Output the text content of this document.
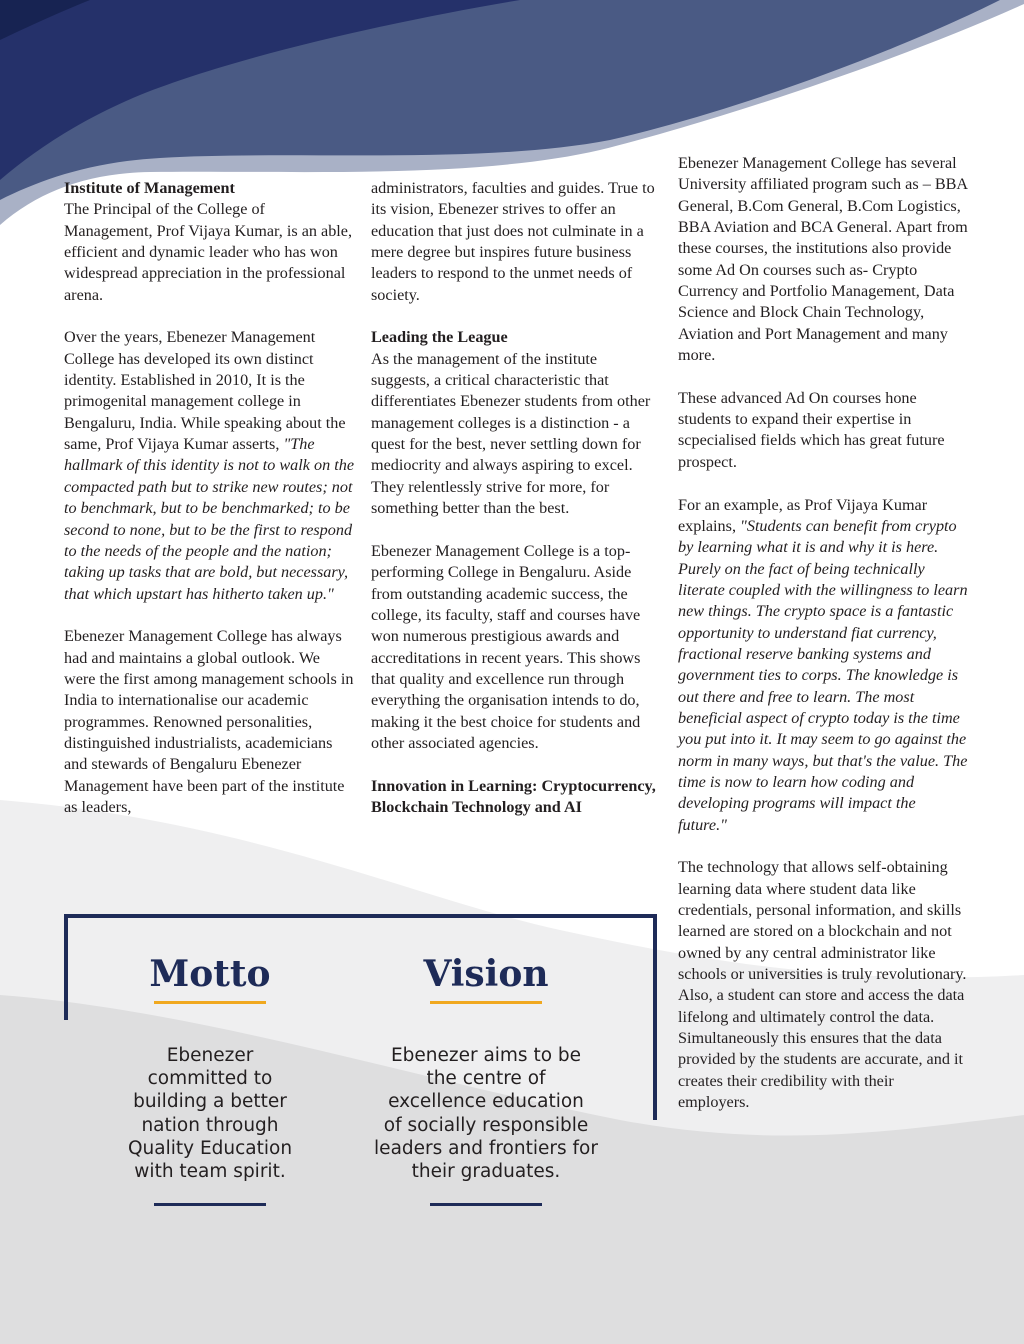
Institute of Management
The Principal of the College of Management, Prof Vijaya Kumar, is an able, efficient and dynamic leader who has won widespread appreciation in the professional arena.

Over the years, Ebenezer Management College has developed its own distinct identity. Established in 2010, It is the primogenital management college in Bengaluru, India. While speaking about the same, Prof Vijaya Kumar asserts, "The hallmark of this identity is not to walk on the compacted path but to strike new routes; not to benchmark, but to be benchmarked; to be second to none, but to be the first to respond to the needs of the people and the nation; taking up tasks that are bold, but necessary, that which upstart has hitherto taken up."

Ebenezer Management College has always had and maintains a global outlook. We were the first among management schools in India to internationalise our academic programmes. Renowned personalities, distinguished industrialists, academicians and stewards of Bengaluru Ebenezer Management have been part of the institute as leaders,

administrators, faculties and guides. True to its vision, Ebenezer strives to offer an education that just does not culminate in a mere degree but inspires future business leaders to respond to the unmet needs of society.

Leading the League
As the management of the institute suggests, a critical characteristic that differentiates Ebenezer students from other management colleges is a distinction - a quest for the best, never settling down for mediocrity and always aspiring to excel. They relentlessly strive for more, for something better than the best.

Ebenezer Management College is a top-performing College in Bengaluru. Aside from outstanding academic success, the college, its faculty, staff and courses have won numerous prestigious awards and accreditations in recent years. This shows that quality and excellence run through everything the organisation intends to do, making it the best choice for students and other associated agencies.

Innovation in Learning: Cryptocurrency, Blockchain Technology and AI

Ebenezer Management College has several University affiliated program such as – BBA General, B.Com General, B.Com Logistics, BBA Aviation and BCA General. Apart from these courses, the institutions also provide some Ad On courses such as- Crypto Currency and Portfolio Management, Data Science and Block Chain Technology, Aviation and Port Management and many more.

These advanced Ad On courses hone students to expand their expertise in scpecialised fields which has great future prospect.

For an example, as Prof Vijaya Kumar explains, "Students can benefit from crypto by learning what it is and why it is here. Purely on the fact of being technically literate coupled with the willingness to learn new things. The crypto space is a fantastic opportunity to understand fiat currency, fractional reserve banking systems and government ties to corps. The knowledge is out there and free to learn. The most beneficial aspect of crypto today is the time you put into it. It may seem to go against the norm in many ways, but that's the value. The time is now to learn how coding and developing programs will impact the future."

The technology that allows self-obtaining learning data where student data like credentials, personal information, and skills learned are stored on a blockchain and not owned by any central administrator like schools or universities is truly revolutionary. Also, a student can store and access the data lifelong and ultimately control the data. Simultaneously this ensures that the data provided by the students are accurate, and it creates their credibility with their employers.

Motto
Ebenezer
committed to
building a better
nation through
Quality Education
with team spirit.
Vision
Ebenezer aims to be
the centre of
excellence education
of socially responsible
leaders and frontiers for
their graduates.
